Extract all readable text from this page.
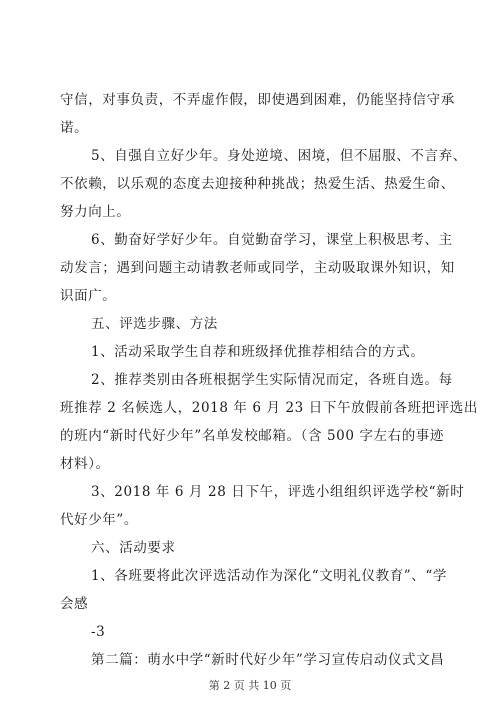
守信，对事负责，不弄虚作假，即使遇到困难，仍能坚持信守承
诺。
5、自强自立好少年。身处逆境、困境，但不屈服、不言弃、
不依赖，以乐观的态度去迎接种种挑战；热爱生活、热爱生命、
努力向上。
6、勤奋好学好少年。自觉勤奋学习，课堂上积极思考、主
动发言；遇到问题主动请教老师或同学，主动吸取课外知识，知
识面广。
五、评选步骤、方法
1、活动采取学生自荐和班级择优推荐相结合的方式。
2、推荐类别由各班根据学生实际情况而定，各班自选。每
班推荐 2 名候选人，2018 年 6 月 23 日下午放假前各班把评选出
的班内“新时代好少年”名单发校邮箱。（含 500 字左右的事迹
材料）。
3、2018 年 6 月 28 日下午，评选小组组织评选学校“新时
代好少年”。
六、活动要求
1、各班要将此次评选活动作为深化“文明礼仪教育”、“学
会感
-3
第二篇：萌水中学“新时代好少年”学习宣传启动仪式文昌
第 2 页 共 10 页
